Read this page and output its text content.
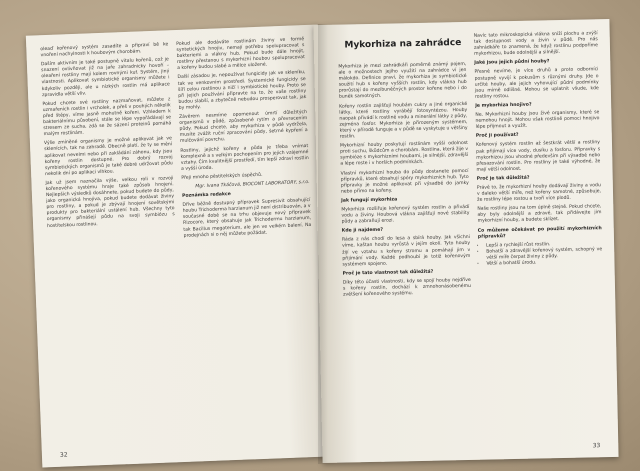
oleaď kořenový systém zasadíte a připraví bě ke vnoření nachylnosti k houbovým chorobám.

Daším aktivním je také postupně vitalu kořenů, což je snazení ovlivňovat již na jaře zahradnicky hovoří – oleaření rostliny mají kolem rovnými kuf. Systém, jiný vlastnosti. Aplikovat symbiotické organismy můžete i kdykoliv později, ale u nízkých rostlin má aplikace zpravidla větší vliv.

Pokud chcete své rostliny nazmaňovat, můžete z uzmařeních rostlin i vrcholek, a přeš v pouhých několik před štěpy, víme jasně mohutně kořeni. Vzhledem k bakteriálnímu působení, stále se lépe vypořádávají se stresem ze sucha, zdá se že sázení proteinů pomáhá malým rostlinám.

Výše zmíněné organismy je možné aplikovat jak ve sklenících, tak na zahradě. Obecně platí, že ty se mění aplikovat nevelmi nebo při zakládání záhonu, kdy jsou kořeny rostlin dostupné. Pro dobrý rozvoj symbiotických organismů je také dobré udržovat půdu nekolik dní po aplikaci vlhkou.

Jak už jsem naznačila výše, velkou roli v rozvoji kořenového systému hraje také způsob hnojení. Nejlepších výsledků dosáhnete, pokud budete do půdy, jako organická hnojiva, pokud budete dodávat živiny pro rostliny, a pokud je zbývají hnojení sovětskými produkty pro bakteriální ustálení hub. Všechny tyto organismy přinášejí půdu na svoji symbiózu s hostitelskou rostlinou.

Pokud ale dodáváte rostlinám živiny ve formě syntetických hnojiv, nemají potřebu spolupracovat s bakteriemi a vlákny hub. Pokud bude dále hnojit, rostliny přestanou s mykorhizní houbou spolupracovat a kořeny budou slabé a mělce uložené.

Další zásadou je, nepoužívat fungicidy jak ve skleníku, tak ve venkovním prostředí. Systemické fungicidy se šíří celou rostlinou a ničí i symbiotické houby. Proto se při jejich používání připravte na to, že vaše rostliny budou slabší, a zbytečně nebudou prosperovat tak, jak by mohly.

Závěrem nesmíme opomenout úmrtí důležitých organismů v půdě, způsobené rytím a převracením půdy. Pokud chcete, aby mykorhiza v půdě vydržela, musíte zvážit ruční zpracování půdy, šetrné kypření a mulčování povrchu.

Rostliny, jejichž kořeny a půda je třeba vnímat komplexně a s velkým pochopením pro jejich vzájemné vztahy. Čím kvalitnější prostředí, tím lepší zdraví rostlin a vyšší úroda.

Přeji mnoho pěstitelských úspěchů.

Mgr. Ivana Tkáčová, BIOCONT LABORATORY, s.r.o.

Poznámka redakce

Dříve běžně dostupný přípravek Supresivit obsahující houbu Trichoderma harzianum již není distribuován, a v současné době se na trhu objevuje nový přípravek Rizocore, který obsahuje jak Trichodermu harzianum, tak Bacillus megaterium, ale jen ve velkém balení. Na prodejnách si o něj můžete požádat.

32
Mykorhiza na zahrádce

Mykorhiza je mezi zahrádkáři poměrně známý pojem, ale o možnostech jejího využití na zahrádce ví jen málokdo. Definice praví, že mykorhiza je symbiotické soužití hub s kořeny vyšších rostlin, kdy vlákna hub prorůstají do mezibuněčných prostor kořene nebo i do buněk samotných.

Kořeny rostlin zajišťují houbám cukry a jiné organické látky, které rostliny vyrábějí fotosyntézou. Houby naopak přivádí k rostlině vodu a minerální látky z půdy, zejména fosfor. Mykorhiza je přirozeným systémem, který v přírodě funguje a v půdě se vyskytuje u většiny rostlin.

Mykorhizní houby poskytují rostlinám vyšší odolnost proti suchu, škůdcům a chorobám. Rostlina, která žije v symbióze s mykorhizními houbami, je silnější, zdravější a lépe roste i v horších podmínkách.

Vlastní mykorhizní houba do půdy dostanete pomocí přípravků, které obsahují spóry mykorhizních hub. Tyto přípravky je možné aplikovat při výsadbě do jamky nebo přímo na kořeny.

Jak fungují mykorhiza

Mykorhiza rozšiřuje kořenový systém rostlin a přivádí vodu a živiny. Houbová vlákna zajišťují nové stability půdy a zabraňují erozi.

Kde ji najdeme?

Ráda z nás chodí do lesa a sbírá houby. Jak všichni víme, kaštan houbu vyrůstá v jejím okolí. Tyto houby žijí ve vztahu s kořeny stromu a pomáhají jim v přijímání vody. Každé podhoubí je totiž kořenovým systémem spojeno.

Proč je tato vlastnost tak důležitá?

Díky této účasti vlastnosti, kdy se spojí houby nejdříve s kořeny rostlin, dochází k zmnohonásobenému zvětšení kořenového systému.

Navíc tato mikroskopická vlákna sníží plochu a zvýší tak dostupnost vody a živin v půdě. Pro nás zahrádkáře to znamená, že když rostlinu podpoříme mykorhizou, bude odolnější a silnější.

Jaké jsou jejich půdní houby?

Přesně nevíme, je více druhů a proto odborníci postupně vyvíjí k pokusům s různými druhy. Jde o určité houby, ale jejich vyhovující půdní podmínky jsou mírně odlišné. Mohou se uplatnit všude, kde rostliny rostou.

Je mykorhiza hnojivo?

Ne. Mykorhizní houby jsou živé organismy, které se nemohou hnojit. Mohou však rostlině pomoci hnojivo lépe přijmout a využít.

Proč ji používat?

Kořenový systém rostlin až šestkrát větší a rostliny pak přijímají více vody, dusíku a fosforu. Přípravky s mykorhizou jsou vhodné především při výsadbě nebo přesazování rostlin. Pro rostliny je také výhodné, že mají větší odolnost.

Proč je tak důležitá?

Právě to, že mykorhizní houby dodávají živiny a vodu v daleko větší míře, než kořeny samotné, způsobuje, že rostliny lépe rostou a tvoří více plodů.

Naše rostliny jsou na tom úplně stejně. Pokud chcete, aby byly odolnější a zdravé, tak přidávejte jim mykorhizní houby, a budete sklízet.

Co můžeme očekávat po použití mykorhizních přípravků?

• Lepší a rychlejší růst rostlin.
• Bohatší a zdravější kořenový systém, schopný ve větší míře čerpat živiny z půdy.
• Větší a bohatší úrodu.
33
